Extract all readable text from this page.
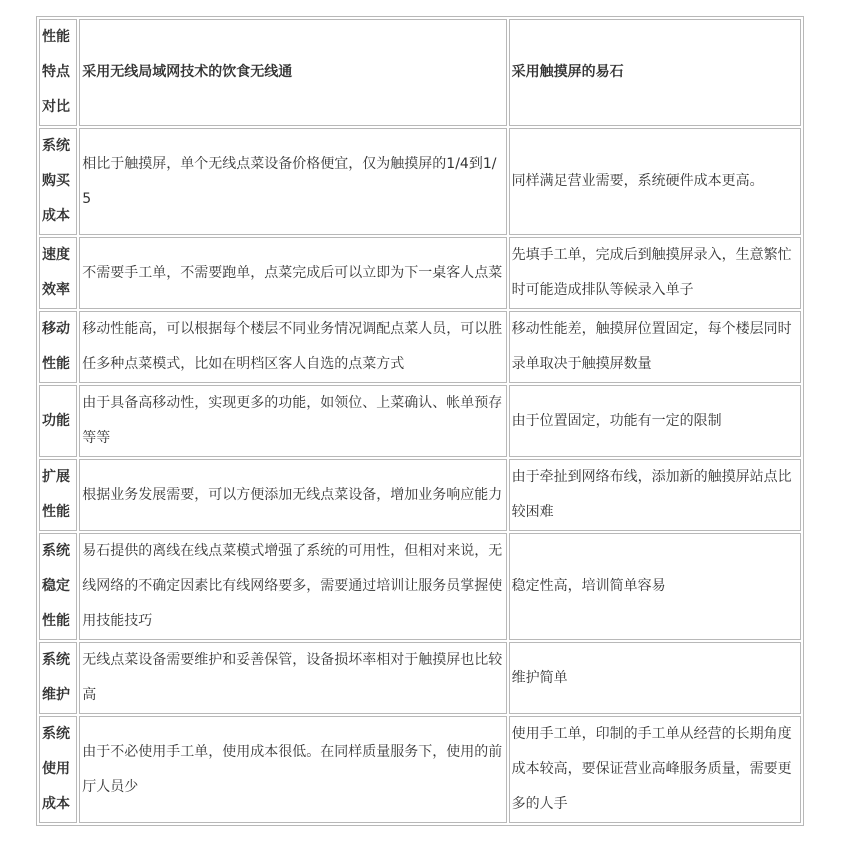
性能特点对比	采用无线局域网技术的饮食无线通	采用触摸屏的易石
系统购买成本	相比于触摸屏，单个无线点菜设备价格便宜，仅为触摸屏的1/4到1/5	同样满足营业需要，系统硬件成本更高。
速度效率	不需要手工单，不需要跑单，点菜完成后可以立即为下一桌客人点菜	先填手工单，完成后到触摸屏录入，生意繁忙时可能造成排队等候录入单子
移动性能	移动性能高，可以根据每个楼层不同业务情况调配点菜人员，可以胜任多种点菜模式，比如在明档区客人自选的点菜方式	移动性能差，触摸屏位置固定，每个楼层同时录单取决于触摸屏数量
功能	由于具备高移动性，实现更多的功能，如领位、上菜确认、帐单预存等等	由于位置固定，功能有一定的限制
扩展性能	根据业务发展需要，可以方便添加无线点菜设备，增加业务响应能力	由于牵扯到网络布线，添加新的触摸屏站点比较困难
系统稳定性能	易石提供的离线在线点菜模式增强了系统的可用性，但相对来说，无线网络的不确定因素比有线网络要多，需要通过培训让服务员掌握使用技能技巧	稳定性高，培训简单容易
系统维护	无线点菜设备需要维护和妥善保管，设备损坏率相对于触摸屏也比较高	维护简单
系统使用成本	由于不必使用手工单，使用成本很低。在同样质量服务下，使用的前厅人员少	使用手工单，印制的手工单从经营的长期角度成本较高，要保证营业高峰服务质量，需要更多的人手
